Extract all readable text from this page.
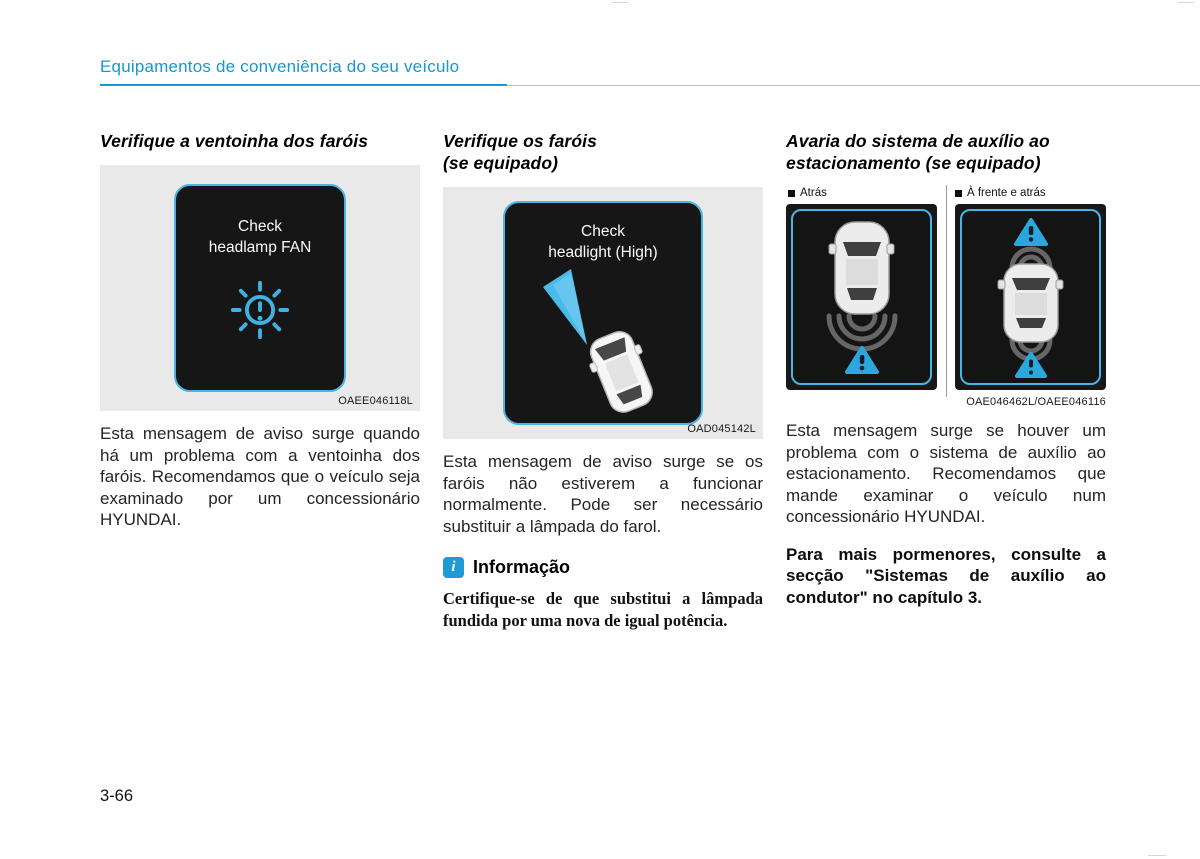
Equipamentos de conveniência do seu veículo
Verifique a ventoinha dos faróis
Check
headlamp FAN
OAEE046118L

Esta mensagem de aviso surge quando há um problema com a ventoinha dos faróis. Recomendamos que o veículo seja examinado por um concessionário HYUNDAI.

Verifique os faróis
(se equipado)
Check
headlight (High)
OAD045142L

Esta mensagem de aviso surge se os faróis não estiverem a funcionar normalmente. Pode ser necessário substituir a lâmpada do farol.

i Informação

Certifique-se de que substitui a lâmpada fundida por uma nova de igual potência.

Avaria do sistema de auxílio ao
estacionamento (se equipado)
Atrás	À frente e atrás
OAE046462L/OAEE046116

Esta mensagem surge se houver um problema com o sistema de auxílio ao estacionamento. Recomendamos que mande examinar o veículo num concessionário HYUNDAI.

Para mais pormenores, consulte a secção "Sistemas de auxílio ao condutor" no capítulo 3.

3-66
